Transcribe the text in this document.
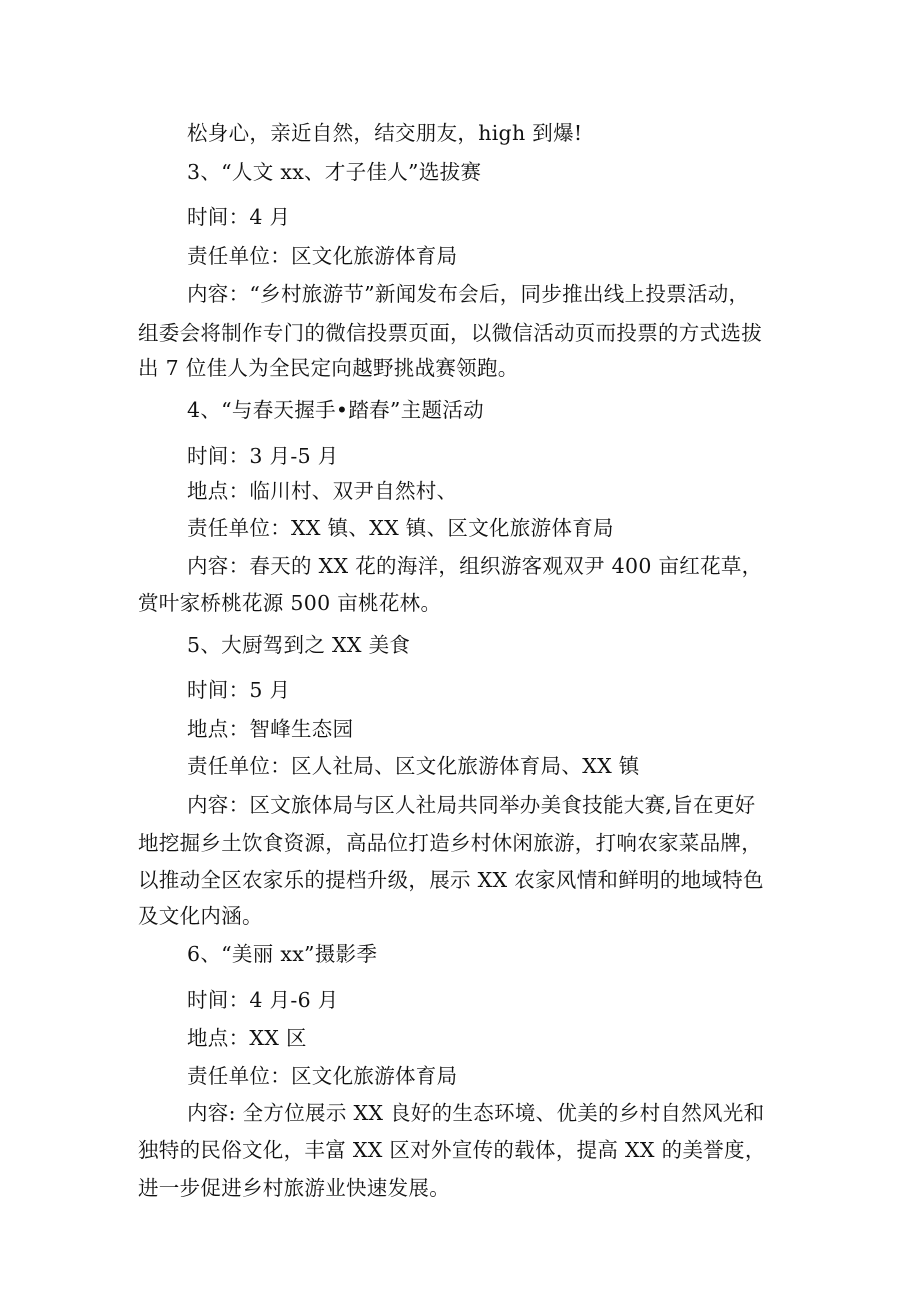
松身心，亲近自然，结交朋友，high 到爆!

3、“人文 xx、才子佳人”选拔赛

时间：4 月

责任单位：区文化旅游体育局

内容：“乡村旅游节”新闻发布会后，同步推出线上投票活动，

组委会将制作专门的微信投票页面，以微信活动页而投票的方式选拔

出 7 位佳人为全民定向越野挑战赛领跑。

4、“与春天握手•踏春”主题活动

时间：3 月-5 月

地点：临川村、双尹自然村、

责任单位：XX 镇、XX 镇、区文化旅游体育局

内容：春天的 XX 花的海洋，组织游客观双尹 400 亩红花草，

赏叶家桥桃花源 500 亩桃花林。

5、大厨驾到之 XX 美食

时间：5 月

地点：智峰生态园

责任单位：区人社局、区文化旅游体育局、XX 镇

内容：区文旅体局与区人社局共同举办美食技能大赛,旨在更好

地挖掘乡土饮食资源，高品位打造乡村休闲旅游，打响农家菜品牌，

以推动全区农家乐的提档升级，展示 XX 农家风情和鲜明的地域特色

及文化内涵。

6、“美丽 xx”摄影季

时间：4 月-6 月

地点：XX 区

责任单位：区文化旅游体育局

内容: 全方位展示 XX 良好的生态环境、优美的乡村自然风光和

独特的民俗文化，丰富 XX 区对外宣传的载体，提高 XX 的美誉度，

进一步促进乡村旅游业快速发展。
